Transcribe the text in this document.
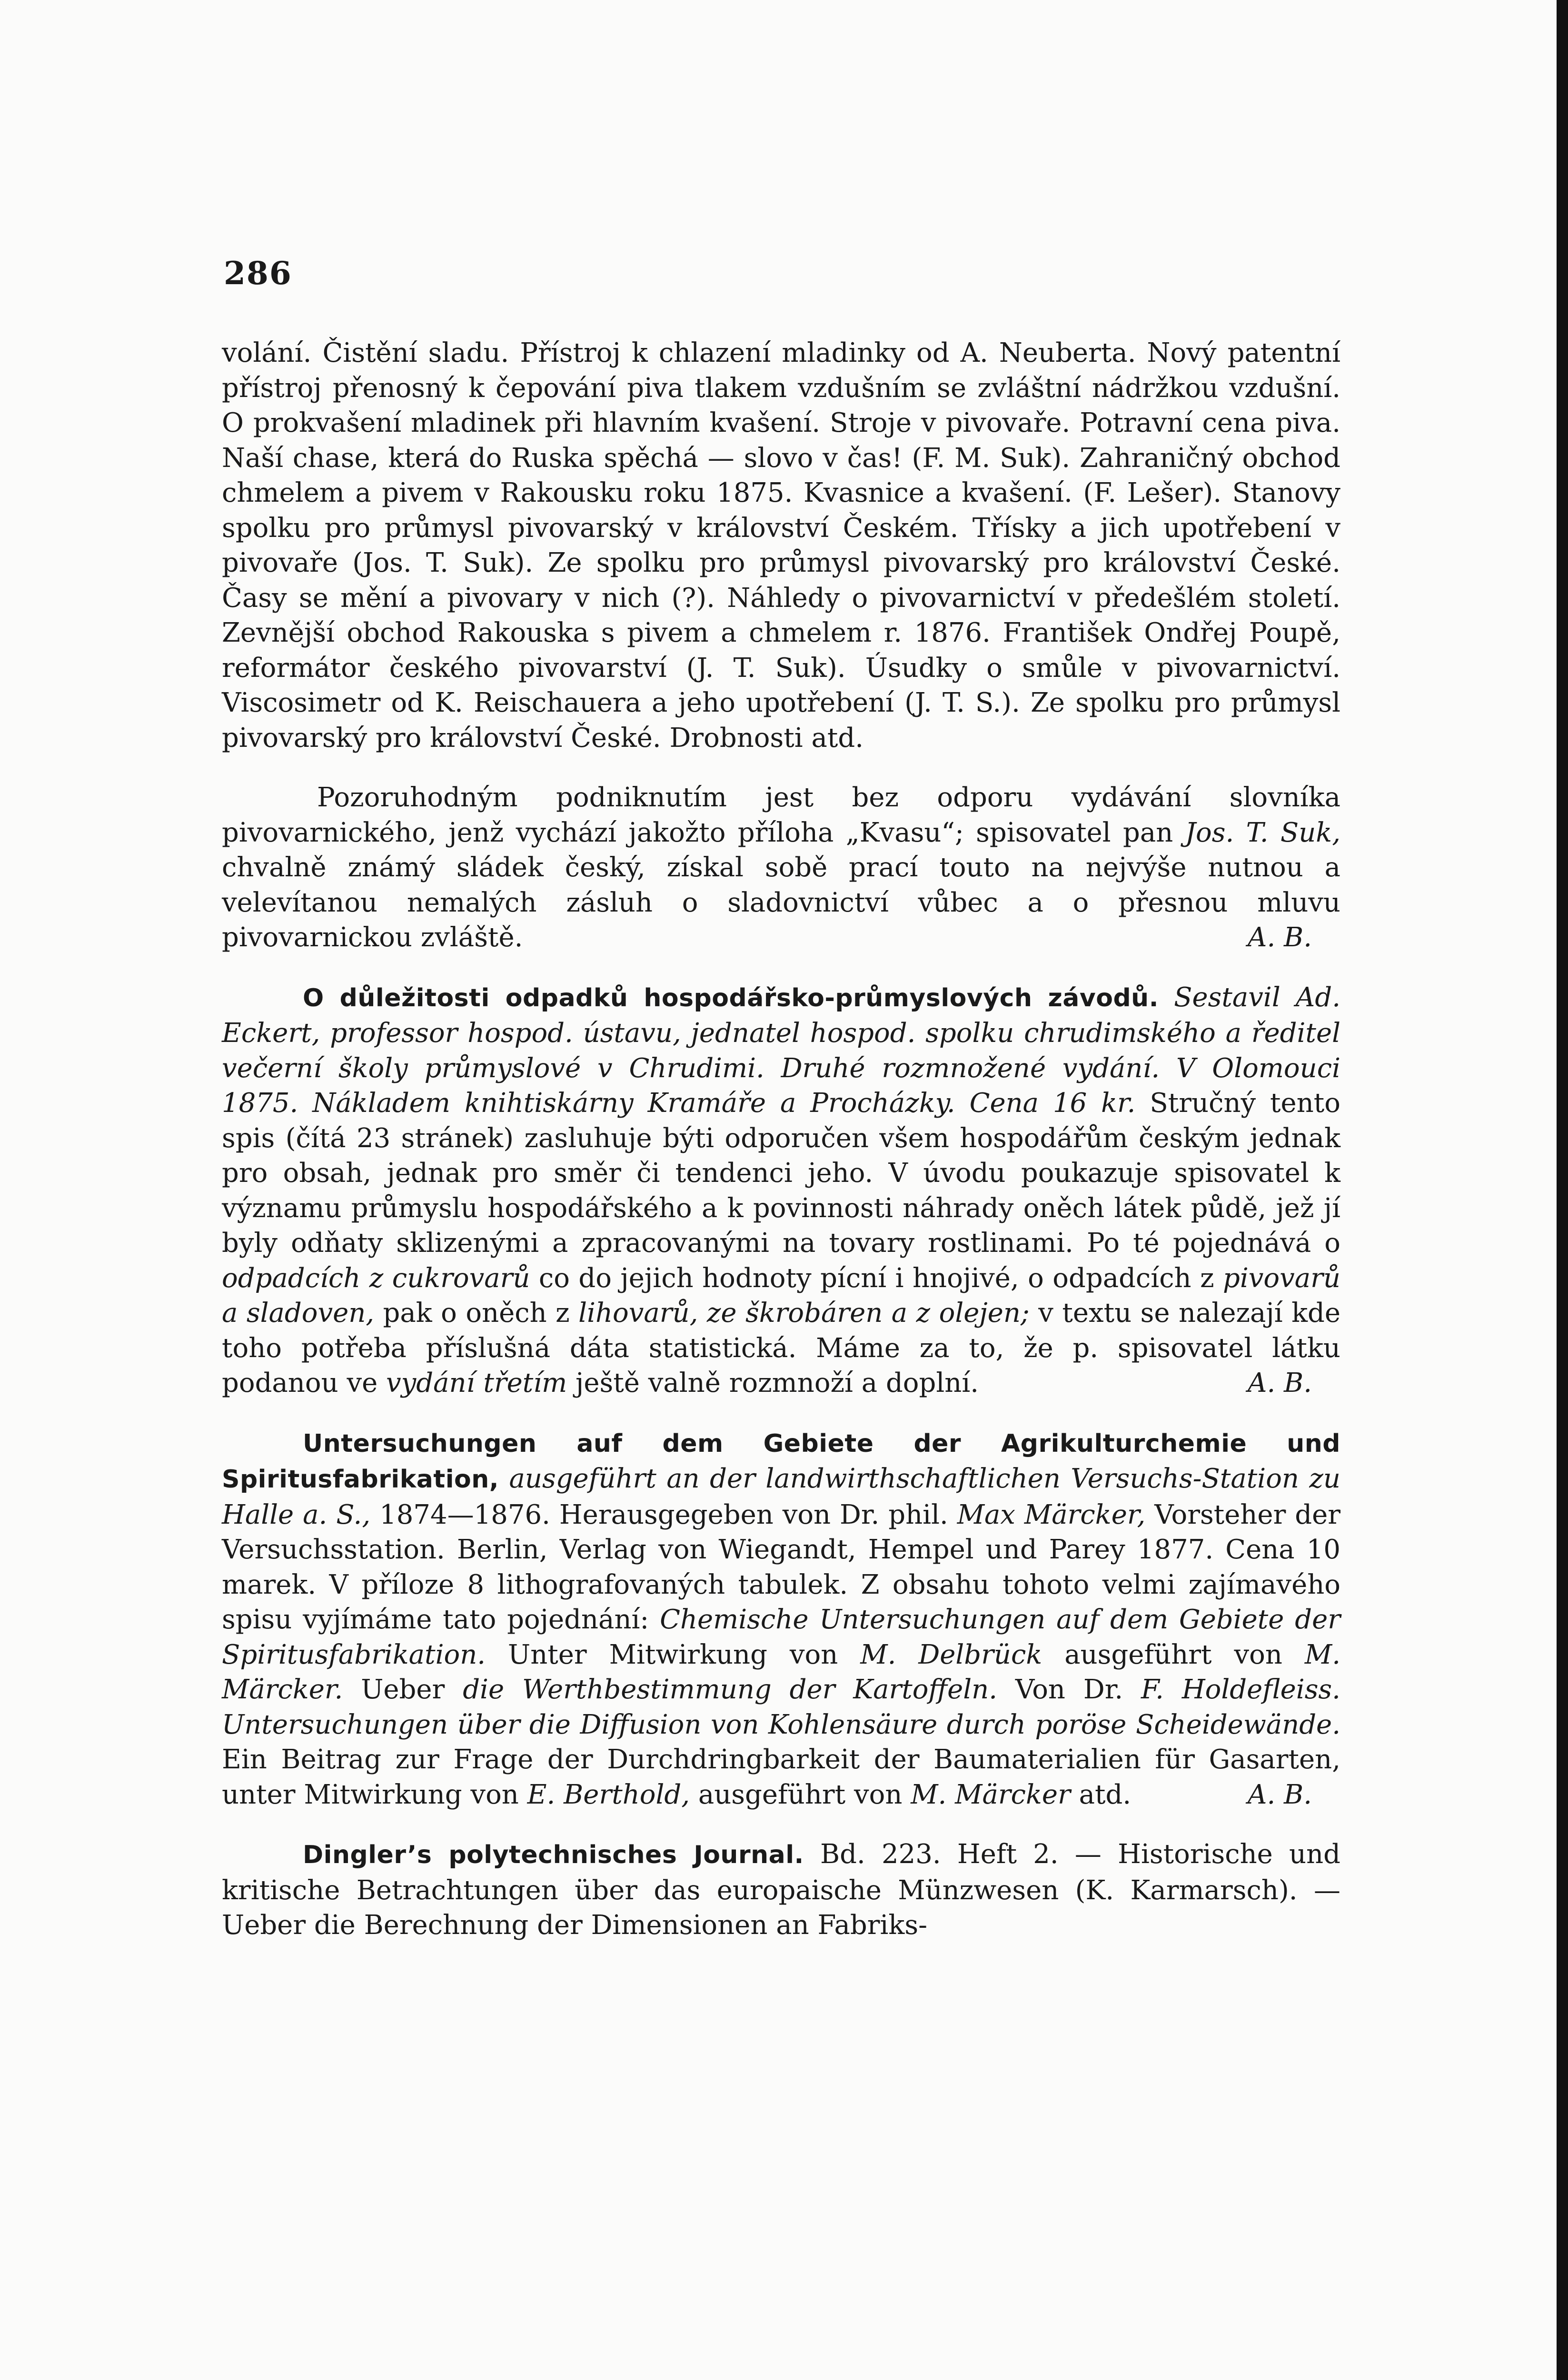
286

volání. Čistění sladu. Přístroj k chlazení mladinky od A. Neuberta. Nový patentní přístroj přenosný k čepování piva tlakem vzdušním se zvláštní nádržkou vzdušní. O prokvašení mladinek při hlavním kvašení. Stroje v pivovaře. Potravní cena piva. Naší chase, která do Ruska spěchá — slovo v čas! (F. M. Suk). Zahraničný obchod chmelem a pivem v Rakousku roku 1875. Kvasnice a kvašení. (F. Lešer). Stanovy spolku pro průmysl pivovarský v království Českém. Třísky a jich upotřebení v pivovaře (Jos. T. Suk). Ze spolku pro průmysl pivovarský pro království České. Časy se mění a pivovary v nich (?). Náhledy o pivovarnictví v předešlém století. Zevnější obchod Rakouska s pivem a chmelem r. 1876. František Ondřej Poupě, reformátor českého pivovarství (J. T. Suk). Úsudky o smůle v pivovarnictví. Viscosimetr od K. Reischauera a jeho upotřebení (J. T. S.). Ze spolku pro průmysl pivovarský pro království České. Drobnosti atd.

Pozoruhodným podniknutím jest bez odporu vydávání slovníka pivovarnického, jenž vychází jakožto příloha „Kvasu“; spisovatel pan Jos. T. Suk, chvalně známý sládek český, získal sobě prací touto na nejvýše nutnou a velevítanou nemalých zásluh o sladovnictví vůbec a o přesnou mluvu pivovarnickou zvláště.	A. B.

O důležitosti odpadků hospodářsko-průmyslových závodů. Sestavil Ad. Eckert, professor hospod. ústavu, jednatel hospod. spolku chrudimského a ředitel večerní školy průmyslové v Chrudimi. Druhé rozmnožené vydání. V Olomouci 1875. Nákladem knihtiskárny Kramáře a Procházky. Cena 16 kr. Stručný tento spis (čítá 23 stránek) zasluhuje býti odporučen všem hospodářům českým jednak pro obsah, jednak pro směr či tendenci jeho. V úvodu poukazuje spisovatel k významu průmyslu hospodářského a k povinnosti náhrady oněch látek půdě, jež jí byly odňaty sklizenými a zpracovanými na tovary rostlinami. Po té pojednává o odpadcích z cukrovarů co do jejich hodnoty pícní i hnojivé, o odpadcích z pivovarů a sladoven, pak o oněch z lihovarů, ze škrobáren a z olejen; v textu se nalezají kde toho potřeba příslušná dáta statistická. Máme za to, že p. spisovatel látku podanou ve vydání třetím ještě valně rozmnoží a doplní.	A. B.

Untersuchungen auf dem Gebiete der Agrikulturchemie und Spiritusfabrikation, ausgeführt an der landwirthschaftlichen Versuchs-Station zu Halle a. S., 1874—1876. Herausgegeben von Dr. phil. Max Märcker, Vorsteher der Versuchsstation. Berlin, Verlag von Wiegandt, Hempel und Parey 1877. Cena 10 marek. V příloze 8 lithografovaných tabulek. Z obsahu tohoto velmi zajímavého spisu vyjímáme tato pojednání: Chemische Untersuchungen auf dem Gebiete der Spiritusfabrikation. Unter Mitwirkung von M. Delbrück ausgeführt von M. Märcker. Ueber die Werthbestimmung der Kartoffeln. Von Dr. F. Holdefleiss. Untersuchungen über die Diffusion von Kohlensäure durch poröse Scheidewände. Ein Beitrag zur Frage der Durchdringbarkeit der Baumaterialien für Gasarten, unter Mitwirkung von E. Berthold, ausgeführt von M. Märcker atd.	A. B.

Dingler’s polytechnisches Journal. Bd. 223. Heft 2. — Historische und kritische Betrachtungen über das europaische Münzwesen (K. Karmarsch). — Ueber die Berechnung der Dimensionen an Fabriks-
